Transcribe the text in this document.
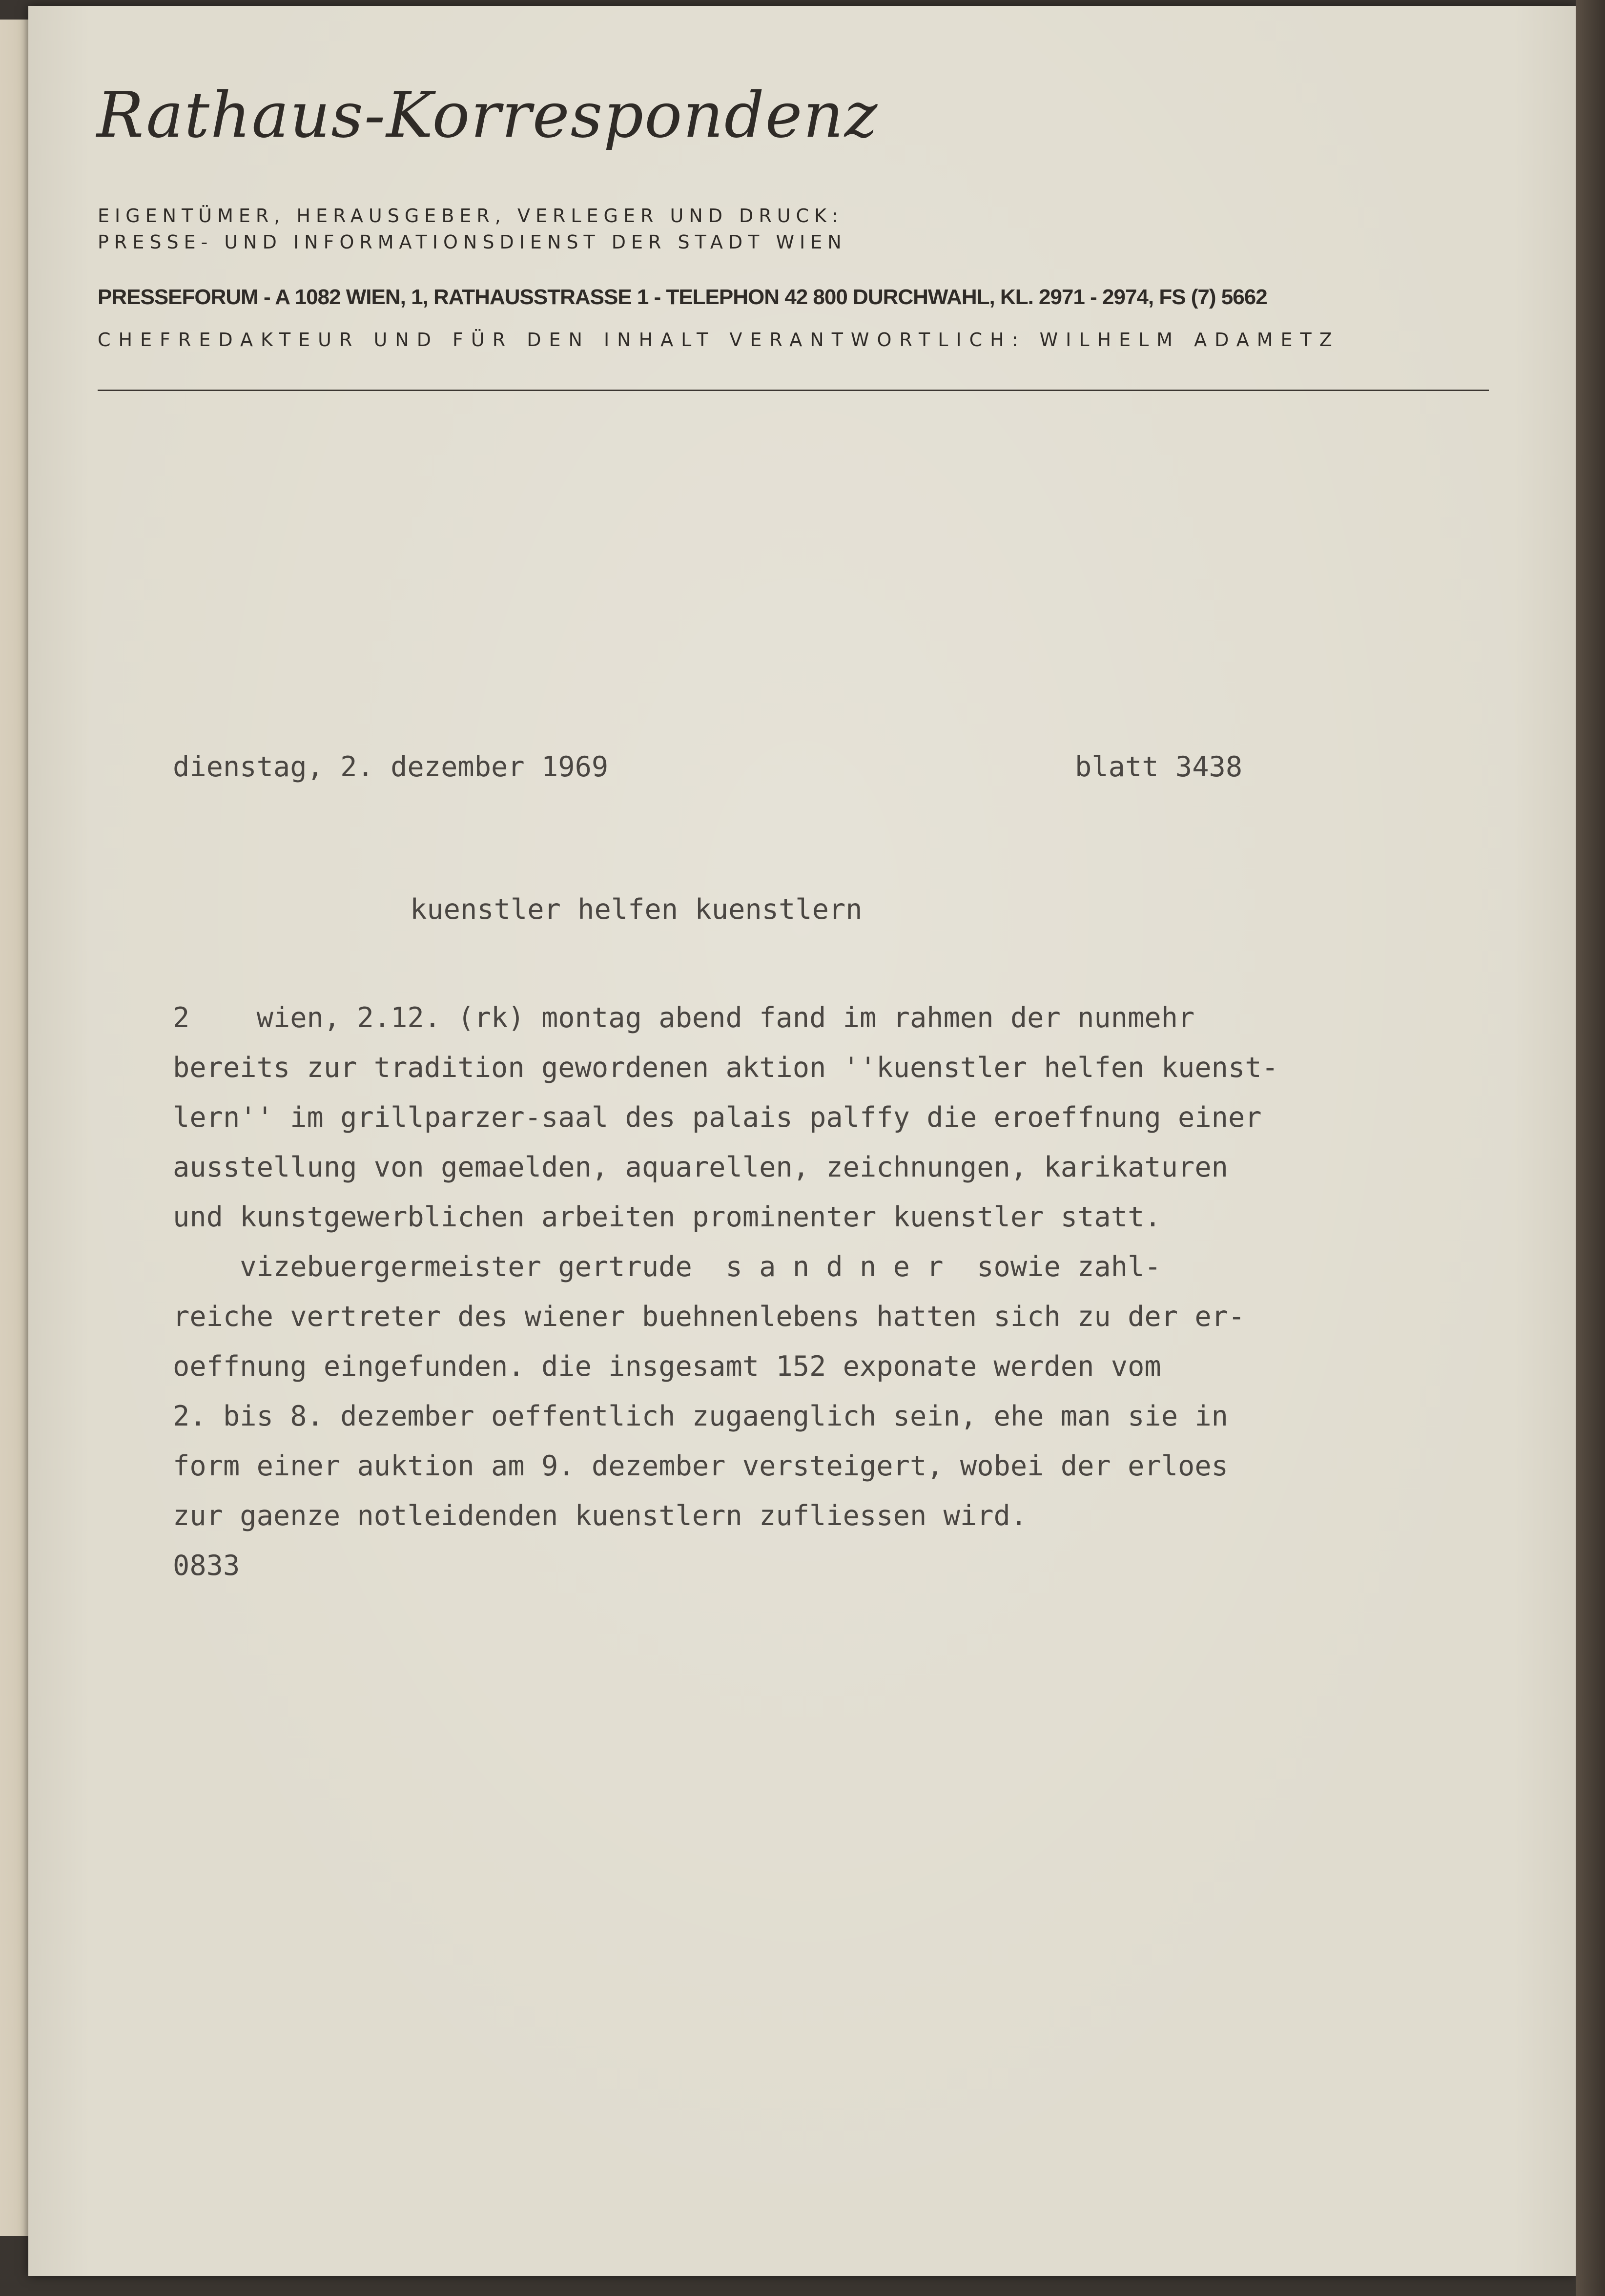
Rathaus-Korrespondenz
EIGENTÜMER, HERAUSGEBER, VERLEGER UND DRUCK:
PRESSE- UND INFORMATIONSDIENST DER STADT WIEN
PRESSEFORUM - A 1082 WIEN, 1, RATHAUSSTRASSE 1 - TELEPHON 42 800 DURCHWAHL, KL. 2971 - 2974, FS (7) 5662
CHEFREDAKTEUR UND FÜR DEN INHALT VERANTWORTLICH: WILHELM ADAMETZ
dienstag, 2. dezember 1969	blatt 3438
kuenstler helfen kuenstlern
2    wien, 2.12. (rk) montag abend fand im rahmen der nunmehr
bereits zur tradition gewordenen aktion ''kuenstler helfen kuenst-
lern'' im grillparzer-saal des palais palffy die eroeffnung einer
ausstellung von gemaelden, aquarellen, zeichnungen, karikaturen
und kunstgewerblichen arbeiten prominenter kuenstler statt.
vizebuergermeister gertrude  s a n d n e r  sowie zahl-
reiche vertreter des wiener buehnenlebens hatten sich zu der er-
oeffnung eingefunden. die insgesamt 152 exponate werden vom
2. bis 8. dezember oeffentlich zugaenglich sein, ehe man sie in
form einer auktion am 9. dezember versteigert, wobei der erloes
zur gaenze notleidenden kuenstlern zufliessen wird.
0833
